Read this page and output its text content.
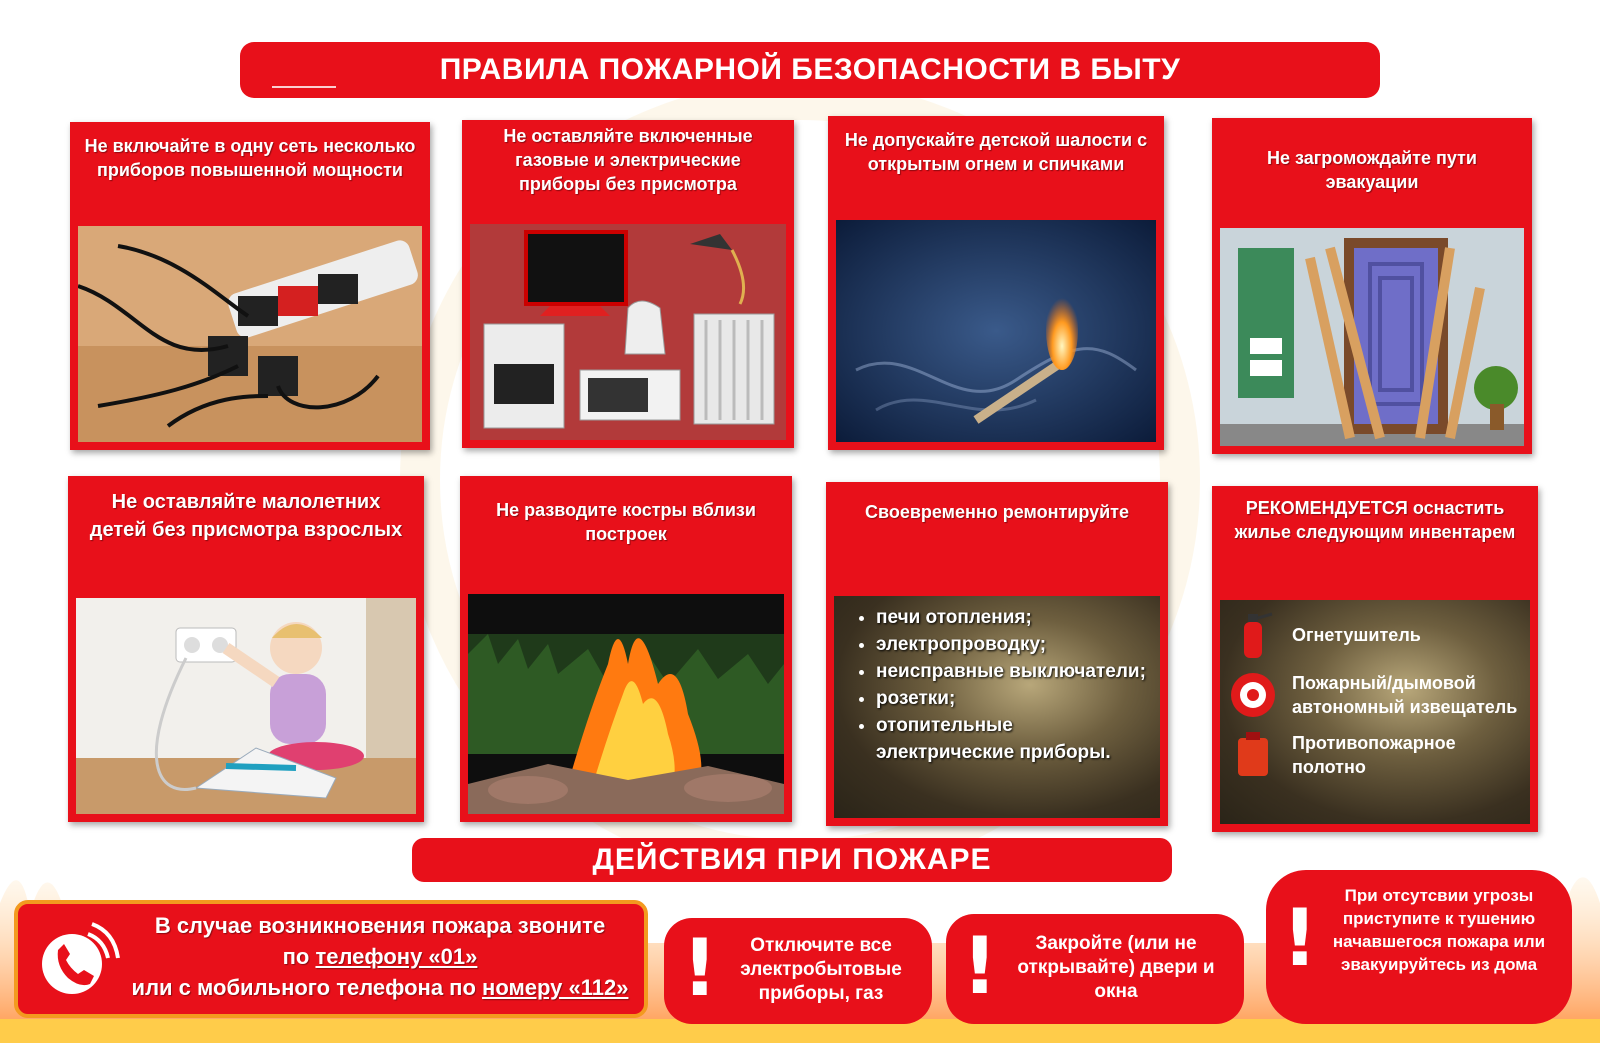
ПРАВИЛА ПОЖАРНОЙ БЕЗОПАСНОСТИ В БЫТУ
Не включайте в одну сеть несколько приборов повышенной мощности
Не оставляйте включенные газовые и электрические приборы без присмотра
Не допускайте детской шалости с открытым огнем и спичками	Не загромождайте пути эвакуации
Не оставляйте малолетних детей без присмотра взрослых
Не разводите костры вблизи построек
Своевременно ремонтируйте
• печи отопления;
• электропроводку;
• неисправные выключатели;
• розетки;
• отопительные электрические приборы.
РЕКОМЕНДУЕТСЯ оснастить жилье следующим инвентарем
Огнетушитель
Пожарный/дымовой автономный извещатель
Противопожарное полотно
ДЕЙСТВИЯ ПРИ ПОЖАРЕ
В случае возникновения пожара звоните
по телефону «01»
или с мобильного телефона по номеру «112» !	Отключите все электробытовые приборы, газ	!	Закройте (или не открывайте) двери и окна
!	При отсутсвии угрозы приступите к тушению начавшегося пожара или эвакуируйтесь из дома
